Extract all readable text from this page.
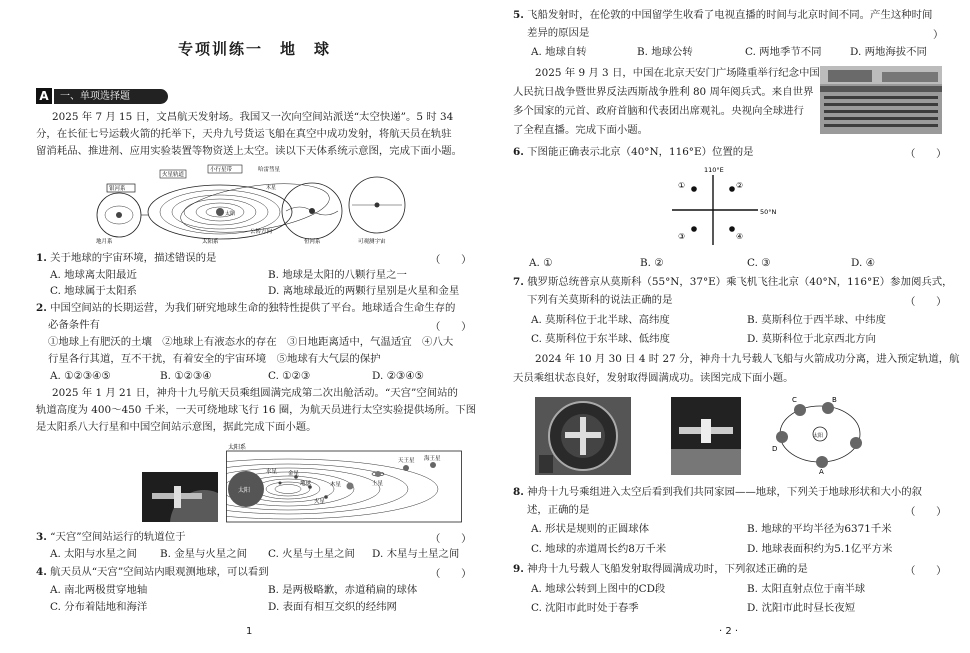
专项训练一　地　球
A	一、单项选择题
2025 年 7 月 15 日，文昌航天发射场。我国又一次向空间站派送“太空快递”。5 时 34
分，在长征七号运载火箭的托举下，天舟九号货运飞船在真空中成功发射，将航天员在轨驻
留消耗品、推进剂、应用实验装置等物资送上太空。读以下天体系统示意图，完成下面小题。
银河系
地月系
太阳
火星轨道
小行星带	哈雷彗星
太阳系
公转方向
木星
恒河系	可观测宇宙
1. 关于地球的宇宙环境，描述错误的是	（　　）
A. 地球离太阳最近	B. 地球是太阳的八颗行星之一
C. 地球属于太阳系	D. 离地球最近的两颗行星别是火星和金星
2. 中国空间站的长期运营，为我们研究地球生命的独特性提供了平台。地球适合生命生存的
必备条件有	（　　）
①地球上有肥沃的土壤　②地球上有液态水的存在　③日地距离适中，气温适宜　④八大
行星各行其道，互不干扰，有着安全的宇宙环境　⑤地球有大气层的保护
A. ①②③④⑤	B. ①②③④	C. ①②③	D. ②③④⑤
2025 年 1 月 21 日，神舟十九号航天员乘组圆满完成第二次出舱活动。“天宫”空间站的
轨道高度为 400～450 千米，一天可绕地球飞行 16 圈，为航天员进行太空实验提供场所。下图
是太阳系八大行星和中国空间站示意图，据此完成下面小题。
太阳系
太阳
海王星
天王星
土星
木星
火星
地球
金星
水星
3. “天宫”空间站运行的轨道位于	（　　）
A. 太阳与水星之间 B. 金星与火星之间 C. 火星与土星之间 D. 木星与土星之间
4. 航天员从“天宫”空间站内眼观测地球，可以看到	（　　）
A. 南北两极贯穿地轴	B. 是两极略歉，赤道稍扁的球体
C. 分布着陆地和海洋	D. 表面有相互交织的经纬网
1
5. 飞船发射时，在伦敦的中国留学生收看了电视直播的时间与北京时间不同。产生这种时间
差异的原因是	）
A. 地球自转	B. 地球公转	C. 两地季节不同	D. 两地海拔不同
2025 年 9 月 3 日，中国在北京天安门广场隆重举行纪念中国
人民抗日战争暨世界反法西斯战争胜利 80 周年阅兵式。来自世界
多个国家的元首、政府首脑和代表团出席观礼。央视向全球进行
了全程直播。完成下面小题。
6. 下图能正确表示北京（40°N，116°E）位置的是	（　　）
110°E
50°N
①	②
③	④
A. ①	B. ②	C. ③	D. ④
7. 俄罗斯总统普京从莫斯科（55°N，37°E）乘飞机飞往北京（40°N，116°E）参加阅兵式，
下列有关莫斯科的说法正确的是	（　　）
A. 莫斯科位于北半球、高纬度	B. 莫斯科位于西半球、中纬度
C. 莫斯科位于东半球、低纬度	D. 莫斯科位于北京西北方向
2024 年 10 月 30 日 4 时 27 分，神舟十九号载人飞船与火箭成功分离，进入预定轨道，航
天员乘组状态良好，发射取得圆满成功。读图完成下面小题。
太阳
C	B
D
A
8. 神舟十九号乘组进入太空后看到我们共同家园——地球，下列关于地球形状和大小的叙
述，正确的是	（　　）
A. 形状是规则的正圆球体	B. 地球的平均半径为6371千米
C. 地球的赤道周长约8万千米	D. 地球表面积约为5.1亿平方米
9. 神舟十九号载人飞船发射取得圆满成功时，下列叙述正确的是	（　　）
A. 地球公转到上图中的CD段	B. 太阳直射点位于南半球
C. 沈阳市此时处于春季	D. 沈阳市此时昼长夜短
· 2 ·
